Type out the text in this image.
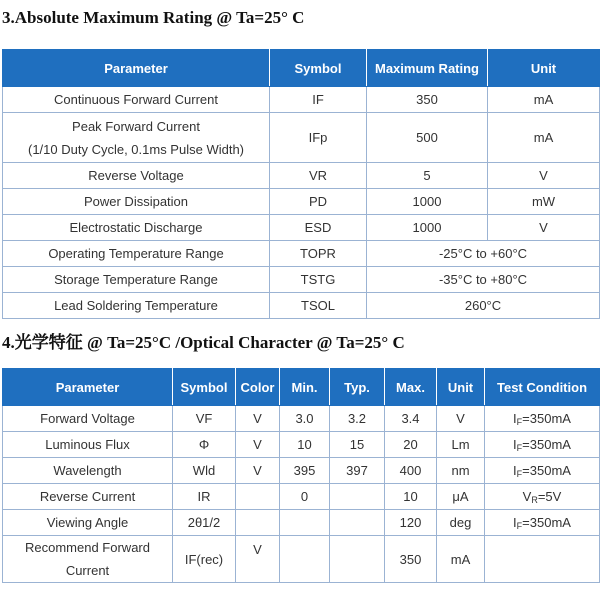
3.Absolute Maximum Rating @ Ta=25° C
Parameter	Symbol	Maximum Rating	Unit
Continuous Forward Current	IF	350	mA
Peak Forward Current
(1/10 Duty Cycle, 0.1ms Pulse Width)	IFp	500	mA
Reverse Voltage	VR	5	V
Power Dissipation	PD	1000	mW
Electrostatic Discharge	ESD	1000	V
Operating Temperature Range	TOPR	-25°C to +60°C	
Storage Temperature Range	TSTG	-35°C to +80°C	
Lead Soldering Temperature	TSOL	260°C	
4.光学特征 @ Ta=25°C /Optical Character @ Ta=25° C
Parameter	Symbol	Color	Min.	Typ.	Max.	Unit	Test Condition
Forward Voltage	VF	V	3.0	3.2	3.4	V	$I_F=350mA$
Luminous Flux	Φ	V	10	15	20	Lm	$I_F=350mA$
Wavelength	Wld	V	395	397	400	nm	$I_F=350mA$
Reverse Current	IR		0		10	μA	$V_R=5V$
Viewing Angle	2θ1/2				120	deg	$I_F=350mA$
Recommend Forward
Current	IF(rec)	V			350	mA	
